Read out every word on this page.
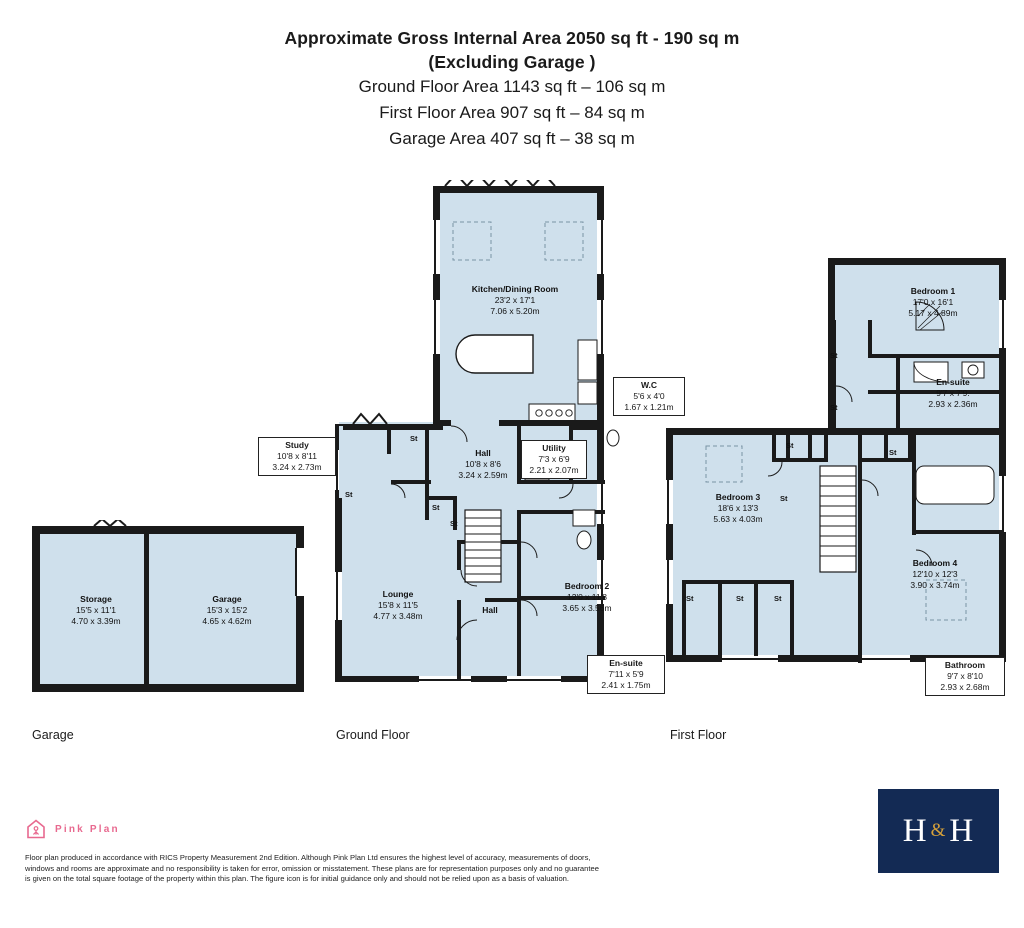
Approximate Gross Internal Area 2050 sq ft - 190 sq m
(Excluding Garage )
Ground Floor Area 1143 sq ft – 106 sq m
First Floor Area 907 sq ft – 84 sq m
Garage Area 407 sq ft – 38 sq m
Storage
15'5 x 11'1
4.70 x 3.39m
Garage
15'3 x 15'2
4.65 x 4.62m
Garage
Kitchen/Dining Room
23'2 x 17'1
7.06 x 5.20m
W.C
5'6 x 4'0
1.67 x 1.21m
Study
10'8 x 8'11
3.24 x 2.73m
Hall
10'8 x 8'6
3.24 x 2.59m
Utility
7'3 x 6'9
2.21 x 2.07m
Lounge
15'8 x 11'5
4.77 x 3.48m
Bedroom 2
12'0 x 11'8
3.65 x 3.56m
En-suite
7'11 x 5'9
2.41 x 1.75m
Hall
St
St
St
St
Ground Floor
Bedroom 1
17'0 x 16'1
5.17 x 4.89m
En-suite
9'7 x 7'9.
2.93 x 2.36m
Bedroom 3
18'6 x 13'3
5.63 x 4.03m
Bedroom 4
12'10 x 12'3
3.90 x 3.74m
Bathroom
9'7 x 8'10
2.93 x 2.68m
St
St
St
St
St
St	St	St
First Floor
Pink Plan
Floor plan produced in accordance with RICS Property Measurement 2nd Edition. Although Pink Plan Ltd ensures the highest level of accuracy, measurements of doors, windows and rooms are approximate and no responsibility is taken for error, omission or misstatement. These plans are for representation purposes only and no guarantee is given on the total square footage of the property within this plan. The figure icon is for initial guidance only and should not be relied upon as a basis of valuation.
H & H
